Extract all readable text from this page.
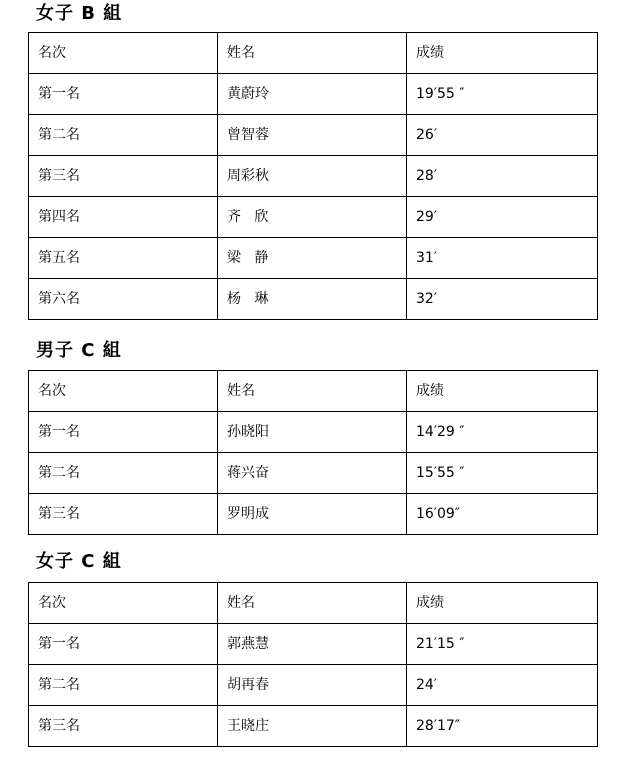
女子 B 組
名次	姓名	成绩
第一名	黄蔚玲	19′55 ″
第二名	曾智蓉	26′
第三名	周彩秋	28′
第四名	齐   欣	29′
第五名	梁   静	31′
第六名	杨   琳	32′
男子 C 組
名次	姓名	成绩
第一名	孙晓阳	14′29 ″
第二名	蒋兴奋	15′55 ″
第三名	罗明成	16′09″
女子 C 組
名次	姓名	成绩
第一名	郭燕慧	21′15 ″
第二名	胡再春	24′
第三名	王晓庄	28′17″
